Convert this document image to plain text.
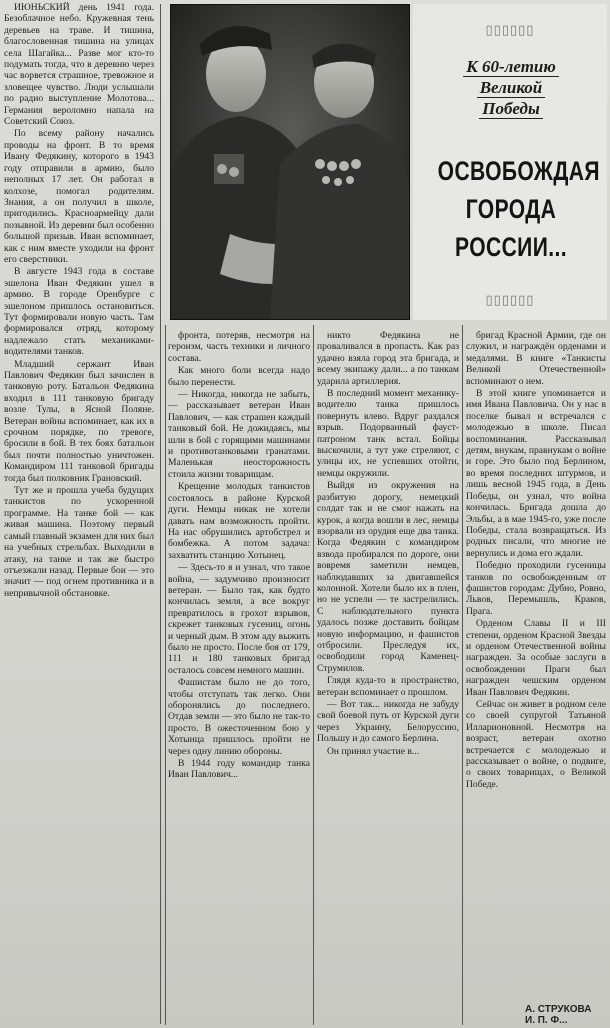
ИЮНЬСКИЙ день 1941 года. Безоблачное небо. Кружевная тень деревьев на траве. И тишина, благословенная тишина на улицах села Шагайка... Разве мог кто-то подумать тогда, что в деревню через час ворвется страшное, тревожное и зловещее чувство. Люди услышали по радио выступление Молотова... Германия вероломно напала на Советский Союз.

По всему району начались проводы на фронт. В то время Ивану Федякину, которого в 1943 году отправили в армию, было неполных 17 лет. Он работал в колхозе, помогал родителям. Знания, а он получил в школе, пригодились. Красноармейцу дали позывной. Из деревни был особенно большой призыв. Иван вспоминает, как с ним вместе уходили на фронт его сверстники.

В августе 1943 года в составе эшелона Иван Федякин ушел в армию. В городе Оренбурге с эшелоном пришлось остановиться. Тут формировали новую часть. Там формировался отряд, которому надлежало стать механиками-водителями танков.

Младший сержант Иван Павлович Федякин был зачислен в танковую роту. Батальон Федякина входил в 111 танковую бригаду возле Тулы, в Ясной Поляне. Ветеран войны вспоминает, как их в срочном порядке, по тревоге, бросили в бой. В тех боях батальон был почти полностью уничтожен. Командиром 111 танковой бригады тогда был полковник Грановский.

Тут же и прошла учеба будущих танкистов по ускоренной программе. На танке бой — как живая машина. Поэтому первый самый главный экзамен для них был на учебных стрельбах. Выходили в атаку, на танке и так же быстро отъезжали назад. Первые бои — это значит — под огнем противника и в непривычной обстановке.

▯▯▯▯▯▯
К 60-летию
Великой
Победы
ОСВОБОЖДАЯ
ГОРОДА
РОССИИ...
▯▯▯▯▯▯

фронта, потеряв, несмотря на героизм, часть техники и личного состава.

Как много боли всегда надо было перенести.

— Никогда, никогда не забыть, — рассказывает ветеран Иван Павлович, — как страшен каждый танковый бой. Не дожидаясь, мы шли в бой с горящими машинами и противотанковыми гранатами. Маленькая неосторожность стоила жизни товарищам.

Крещение молодых танкистов состоялось в районе Курской дуги. Немцы никак не хотели давать нам возможность пройти. На нас обрушились артобстрел и бомбежка. А потом задача: захватить станцию Хотынец.

— Здесь-то я и узнал, что такое война, — задумчиво произносит ветеран. — Было так, как будто кончилась земля, а все вокруг превратилось в грохот взрывов, скрежет танковых гусениц, огонь и черный дым. В этом аду выжить было не просто. После боя от 179, 111 и 180 танковых бригад осталось совсем немного машин.

Фашистам было не до того, чтобы отступать так легко. Они оборонялись до последнего. Отдав земли — это было не так-то просто. В ожесточенном бою у Хотынца пришлось пройти не через одну линию обороны.

В 1944 году командир танка Иван Павлович...

никто Федякина не проваливался в пропасть. Как раз удачно взяла город эта бригада, и всему экипажу дали... а по танкам ударила артиллерия.

В последний момент механику-водителю танка пришлось повернуть влево. Вдруг раздался взрыв. Подорванный фауст-патроном танк встал. Бойцы выскочили, а тут уже стреляют, с улицы их, не успевших отойти, немцы окружили.

Выйдя из окружения на разбитую дорогу, немецкий солдат так и не смог нажать на курок, а когда вошли в лес, немцы взорвали из орудия еще два танка. Когда Федякин с командиром взвода пробирался по дороге, они вовремя заметили немцев, наблюдавших за двигавшейся колонной. Хотели было их в плен, но не успели — те застрелились. С наблюдательного пункта удалось позже доставить бойцам новую информацию, и фашистов отбросили. Преследуя их, освободили город Каменец-Струмилов.

Глядя куда-то в пространство, ветеран вспоминает о прошлом.

— Вот так... никогда не забуду свой боевой путь от Курской дуги через Украину, Белоруссию, Польшу и до самого Берлина.

Он принял участие в...

бригад Красной Армии, где он служил, и награждён орденами и медалями. В книге «Танкисты Великой Отечественной» вспоминают о нем.

В этой книге упоминается и имя Ивана Павловича. Он у нас в поселке бывал и встречался с молодежью в школе. Писал воспоминания. Рассказывал детям, внукам, правнукам о войне и горе. Это было под Берлином, во время последних штурмов, и лишь весной 1945 года, в День Победы, он узнал, что война кончилась. Бригада дошла до Эльбы, а в мае 1945-го, уже после Победы, стала возвращаться. Из родных писали, что многие не вернулись и дома его ждали.

Победно проходили гусеницы танков по освобожденным от фашистов городам: Дубно, Ровно, Львов, Перемышль, Краков, Прага.

Орденом Славы II и III степени, орденом Красной Звезды и орденом Отечественной войны награжден. За особые заслуги в освобождении Праги был награжден чешским орденом Иван Павлович Федякин.

Сейчас он живет в родном селе со своей супругой Татьяной Илларионовной. Несмотря на возраст, ветеран охотно встречается с молодежью и рассказывает о войне, о подвиге, о своих товарищах, о Великой Победе.

А. СТРУКОВА
И. П. Ф...
